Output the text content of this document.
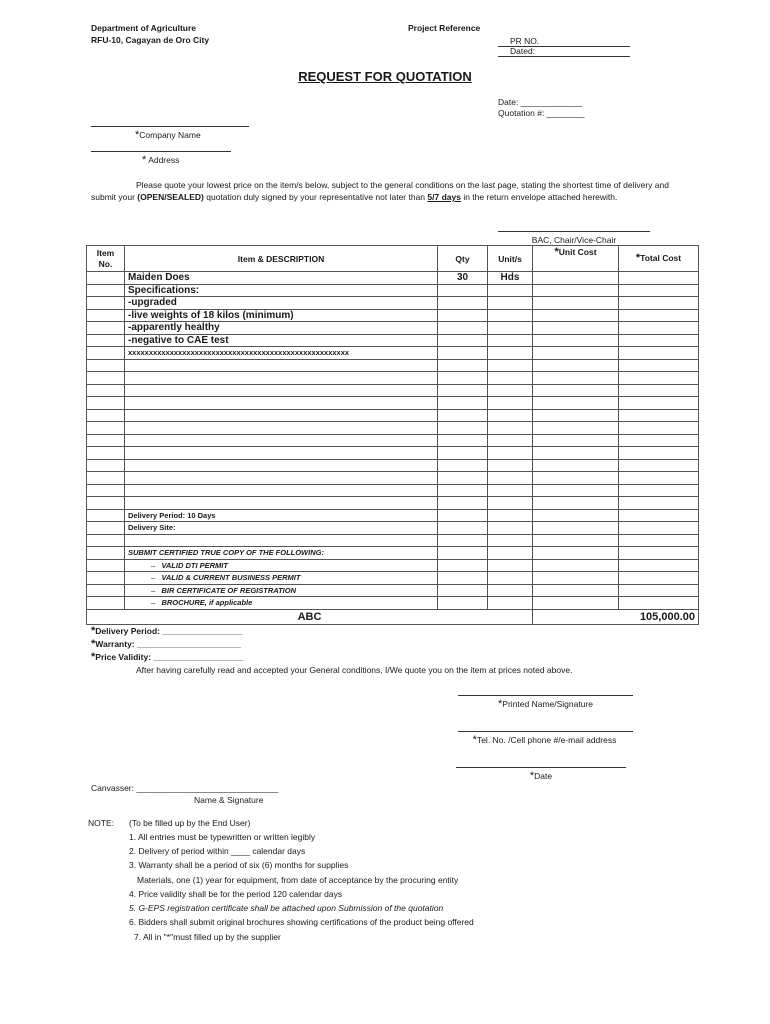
Department of Agriculture
RFU-10, Cagayan de Oro City
Project Reference
PR NO.
Dated:
REQUEST FOR QUOTATION
Date: _____________
Quotation #: ________
*Company Name
* Address
Please quote your lowest price on the item/s below, subject to the general conditions on the last page, stating the shortest time of delivery and submit your (OPEN/SEALED) quotation duly signed by your representative not later than 5/7 days in the return envelope attached herewith.
BAC, Chair/Vice-Chair
Item No.	Item & DESCRIPTION	Qty	Unit/s	*Unit Cost	*Total Cost
	Maiden Does	30	Hds		
	Specifications:				
	-upgraded				
	-live weights of 18 kilos (minimum)				
	-apparently healthy				
	-negative to CAE test				
	xxxxxxxxxxxxxxxxxxxxxxxxxxxxxxxxxxxxxxxxxxxxxxxxxxxxx				

	Delivery Period: 10 Days				
	Delivery Site:				

	SUBMIT CERTIFIED TRUE COPY OF THE FOLLOWING:				
	–   VALID DTI PERMIT				
	–   VALID & CURRENT BUSINESS PERMIT				
	–   BIR CERTIFICATE OF REGISTRATION				
	–   BROCHURE, if applicable				
ABC				105,000.00	
*Delivery Period: _________________
*Warranty: ______________________
*Price Validity: ___________________
After having carefully read and accepted your General conditions, I/We quote you on the item at prices noted above.
*Printed Name/Signature
*Tel. No. /Cell phone #/e-mail address
*Date
Canvasser: ______________________________
Name & Signature
NOTE: (To be filled up by the End User)
1. All entries must be typewritten or written legibly
2. Delivery of period within ____ calendar days
3. Warranty shall be a period of six (6) months for supplies
Materials, one (1) year for equipment, from date of acceptance by the procuring entity
4. Price validity shall be for the period 120 calendar days
5. G-EPS registration certificate shall be attached upon Submission of the quotation
6. Bidders shall submit original brochures showing certifications of the product being offered
7. All in "*"must filled up by the supplier
